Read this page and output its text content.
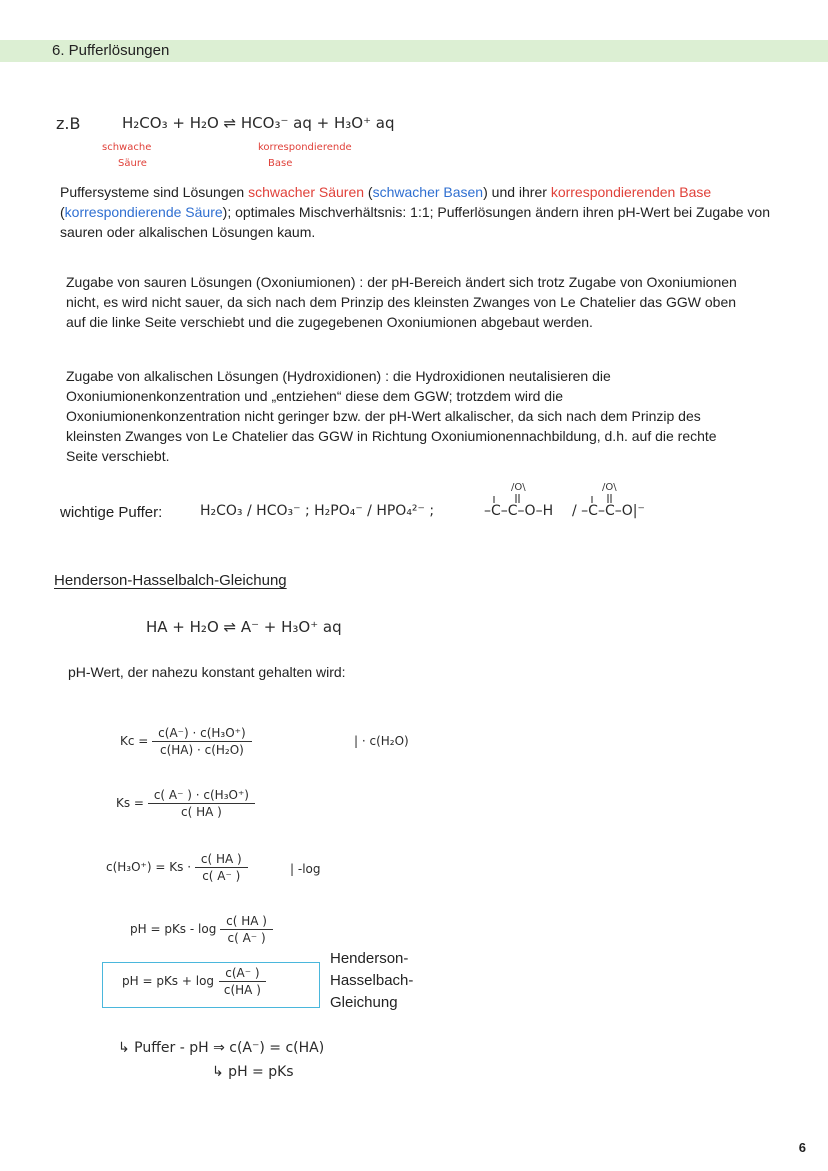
6. Pufferlösungen
z.B	H₂CO₃ + H₂O ⇌ HCO₃⁻ aq + H₃O⁺ aq
schwache
Säure
korrespondierende
Base
Puffersysteme sind Lösungen schwacher Säuren (schwacher Basen) und ihrer korrespondierenden Base (korrespondierende Säure); optimales Mischverhältsnis: 1:1; Pufferlösungen ändern ihren pH-Wert bei Zugabe von sauren oder alkalischen Lösungen kaum.
Zugabe von sauren Lösungen (Oxoniumionen) : der pH-Bereich ändert sich trotz Zugabe von Oxoniumionen nicht, es wird nicht sauer, da sich nach dem Prinzip des kleinsten Zwanges von Le Chatelier das GGW oben auf die linke Seite verschiebt und die zugegebenen Oxoniumionen abgebaut werden.
Zugabe von alkalischen Lösungen (Hydroxidionen) : die Hydroxidionen neutalisieren die Oxoniumionenkonzentration und „entziehen“ diese dem GGW; trotzdem wird die Oxoniumionenkonzentration nicht geringer bzw. der pH-Wert alkalischer, da sich nach dem Prinzip des kleinsten Zwanges von Le Chatelier das GGW in Richtung Oxoniumionennachbildung, d.h. auf die rechte Seite verschiebt.
wichtige Puffer:	H₂CO₃ / HCO₃⁻ ; H₂PO₄⁻ / HPO₄²⁻ ;	–C–C–O–H / –C–C–O|⁻
/O\	/O\
Henderson-Hasselbalch-Gleichung
HA + H₂O ⇌ A⁻ + H₃O⁺ aq
pH-Wert, der nahezu konstant gehalten wird:
$Kc = \frac{\text{c(A⁻) · c(H₃O⁺)}}{\text{c(HA) · c(H₂O)}}$	| · c(H₂O)
$Ks = \frac{\text{c( A⁻ ) · c(H₃O⁺)}}{c( HA )}$
$c(H_3O^+) = Ks \cdot \frac{c( HA )}{c( A^- )}$	| -log
pH = pKs - $\log \frac{c( HA )}{c( A^- )}$
pH = pKs + $\log \frac{c(A^- )}{c(HA )}$
Henderson-
Hasselbach-
Gleichung
↳ Puffer - pH ⇒ c(A⁻) = c(HA)
↳ pH = pKs
6
